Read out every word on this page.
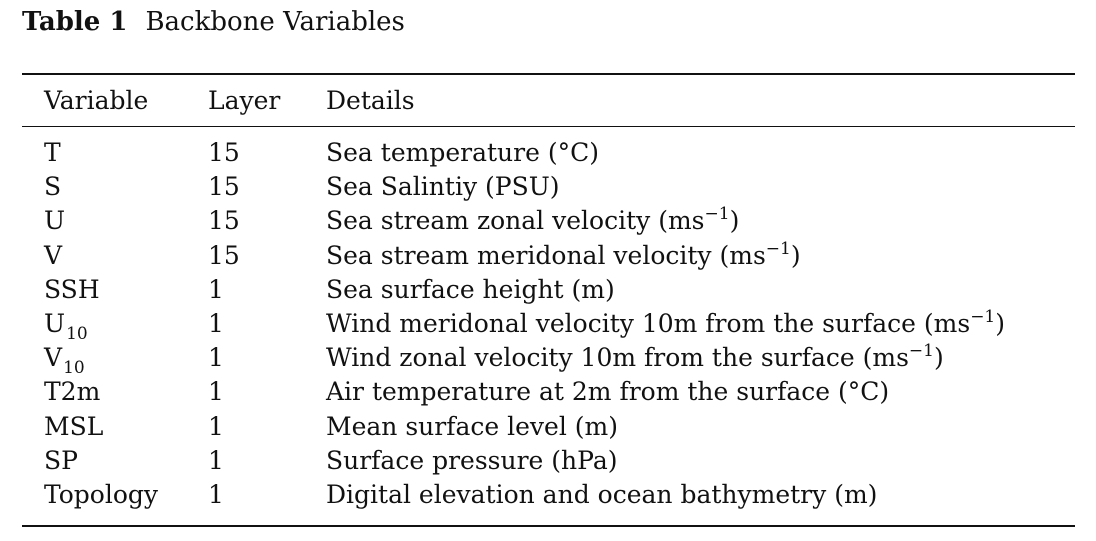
Table 1 Backbone Variables
Variable Layer Details
T	15	Sea temperature (°C)
S	15	Sea Salintiy (PSU)
U	15	Sea stream zonal velocity $(ms^{-1})$
V	15	Sea stream meridonal velocity $(ms^{-1})$
SSH	1	Sea surface height (m)
$U_{10}$	1	Wind meridonal velocity 10m from the surface $(ms^{-1})$
$V_{10}$	1	Wind zonal velocity 10m from the surface $(ms^{-1})$
T2m	1	Air temperature at 2m from the surface (°C)
MSL	1	Mean surface level (m)
SP	1	Surface pressure (hPa)
Topology 1	Digital elevation and ocean bathymetry (m)
